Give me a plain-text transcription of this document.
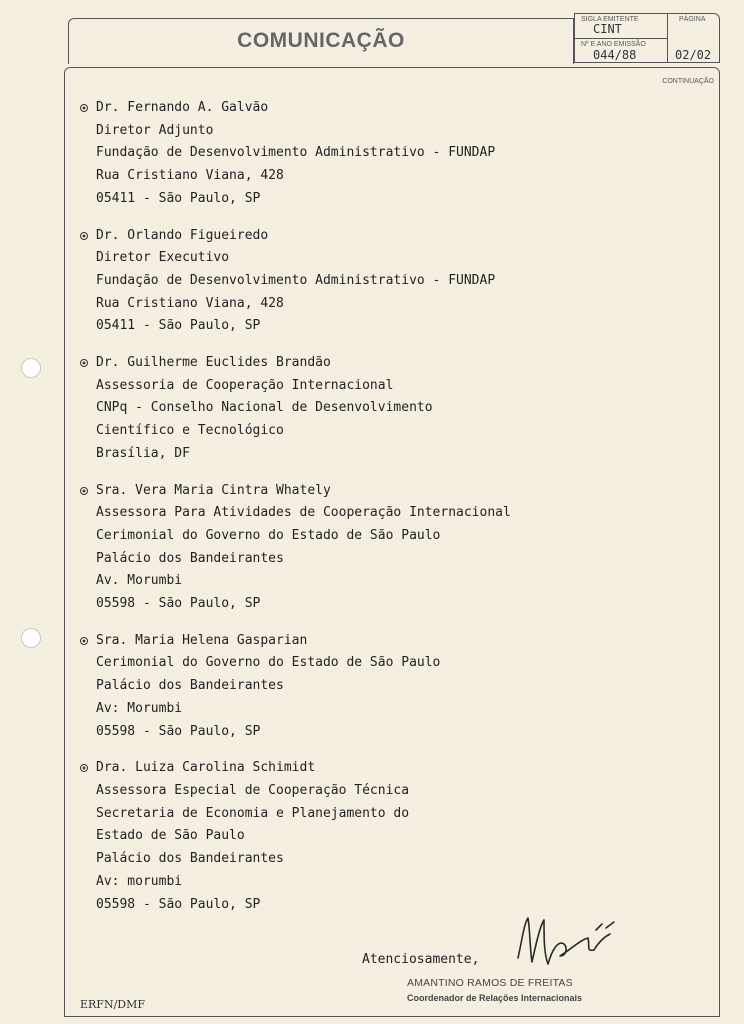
COMUNICAÇÃO
SIGLA EMITENTE
CINT
Nº E ANO EMISSÃO
044/88
PÁGINA
02/02
CONTINUAÇÃO
Dr. Fernando A. Galvão
Diretor Adjunto
Fundação de Desenvolvimento Administrativo - FUNDAP
Rua Cristiano Viana, 428
05411 - São Paulo, SP
Dr. Orlando Figueiredo
Diretor Executivo
Fundação de Desenvolvimento Administrativo - FUNDAP
Rua Cristiano Viana, 428
05411 - São Paulo, SP
Dr. Guilherme Euclides Brandão
Assessoria de Cooperação Internacional
CNPq - Conselho Nacional de Desenvolvimento
Científico e Tecnológico
Brasília, DF
Sra. Vera Maria Cintra Whately
Assessora Para Atividades de Cooperação Internacional
Cerimonial do Governo do Estado de São Paulo
Palácio dos Bandeirantes
Av. Morumbi
05598 - São Paulo, SP
Sra. Maria Helena Gasparian
Cerimonial do Governo do Estado de São Paulo
Palácio dos Bandeirantes
Av: Morumbi
05598 - São Paulo, SP
Dra. Luiza Carolina Schimidt
Assessora Especial de Cooperação Técnica
Secretaria de Economia e Planejamento do
Estado de São Paulo
Palácio dos Bandeirantes
Av: morumbi
05598 - São Paulo, SP
Atenciosamente,
AMANTINO RAMOS DE FREITAS
Coordenador de Relações Internacionais
ERFN/DMF
